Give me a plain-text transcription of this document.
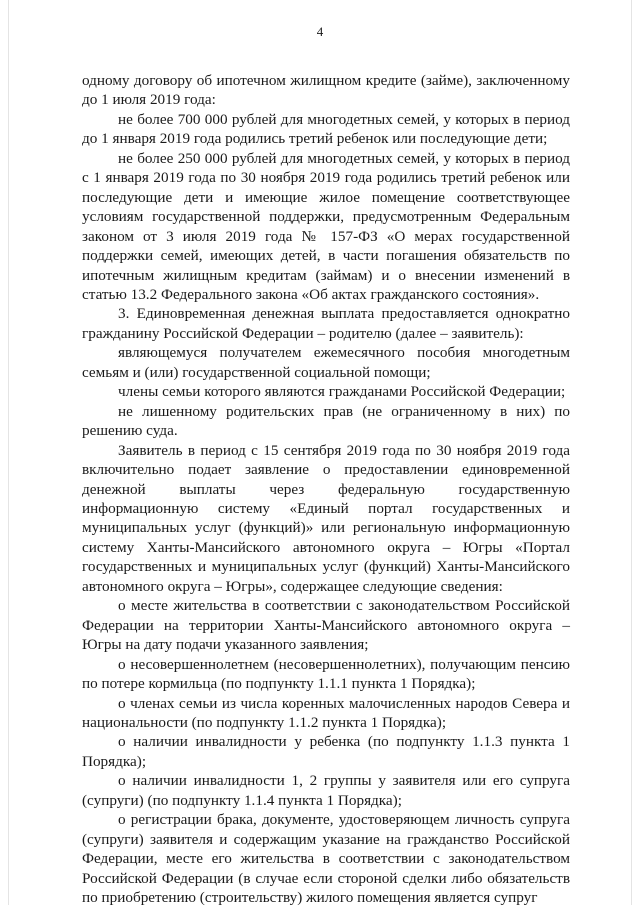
4

одному договору об ипотечном жилищном кредите (займе), заключенному до 1 июля 2019 года:

не более 700 000 рублей для многодетных семей, у которых в период до 1 января 2019 года родились третий ребенок или последующие дети;

не более 250 000 рублей для многодетных семей, у которых в период с 1 января 2019 года по 30 ноября 2019 года родились третий ребенок или последующие дети и имеющие жилое помещение соответствующее условиям государственной поддержки, предусмотренным Федеральным законом от 3 июля 2019 года № 157-ФЗ «О мерах государственной поддержки семей, имеющих детей, в части погашения обязательств по ипотечным жилищным кредитам (займам) и о внесении изменений в статью 13.2 Федерального закона «Об актах гражданского состояния».

3. Единовременная денежная выплата предоставляется однократно гражданину Российской Федерации – родителю (далее – заявитель):

являющемуся получателем ежемесячного пособия многодетным семьям и (или) государственной социальной помощи;

члены семьи которого являются гражданами Российской Федерации;

не лишенному родительских прав (не ограниченному в них) по решению суда.

Заявитель в период с 15 сентября 2019 года по 30 ноября 2019 года включительно подает заявление о предоставлении единовременной денежной выплаты через федеральную государственную информационную систему «Единый портал государственных и муниципальных услуг (функций)» или региональную информационную систему Ханты-Мансийского автономного округа – Югры «Портал государственных и муниципальных услуг (функций) Ханты-Мансийского автономного округа – Югры», содержащее следующие сведения:

о месте жительства в соответствии с законодательством Российской Федерации на территории Ханты-Мансийского автономного округа – Югры на дату подачи указанного заявления;

о несовершеннолетнем (несовершеннолетних), получающим пенсию по потере кормильца (по подпункту 1.1.1 пункта 1 Порядка);

о членах семьи из числа коренных малочисленных народов Севера и национальности (по подпункту 1.1.2 пункта 1 Порядка);

о наличии инвалидности у ребенка (по подпункту 1.1.3 пункта 1 Порядка);

о наличии инвалидности 1, 2 группы у заявителя или его супруга (супруги) (по подпункту 1.1.4 пункта 1 Порядка);

о регистрации брака, документе, удостоверяющем личность супруга (супруги) заявителя и содержащим указание на гражданство Российской Федерации, месте его жительства в соответствии с законодательством Российской Федерации (в случае если стороной сделки либо обязательств по приобретению (строительству) жилого помещения является супруг
